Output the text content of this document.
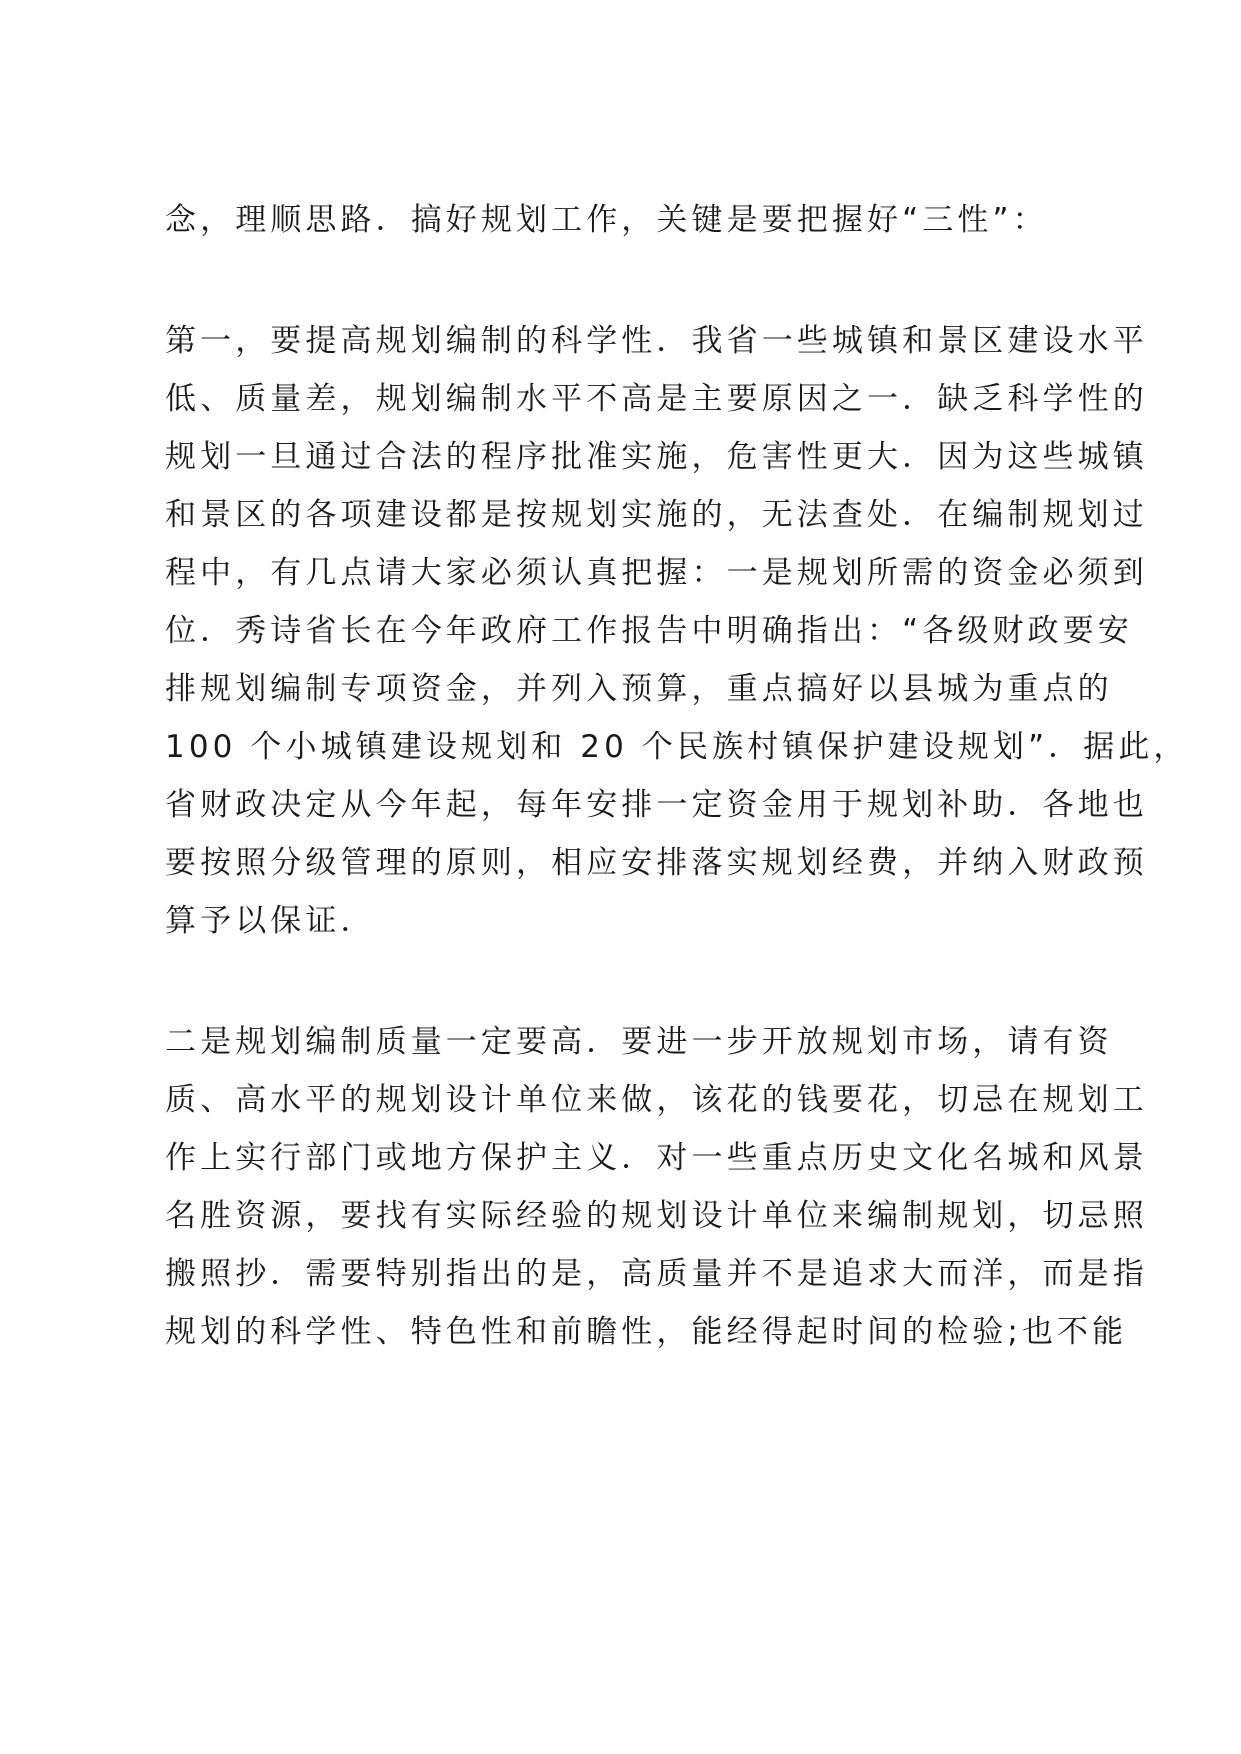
念，理顺思路．搞好规划工作，关键是要把握好“三性”：
第一，要提高规划编制的科学性．我省一些城镇和景区建设水平
低、质量差，规划编制水平不高是主要原因之一．缺乏科学性的
规划一旦通过合法的程序批准实施，危害性更大．因为这些城镇
和景区的各项建设都是按规划实施的，无法查处．在编制规划过
程中，有几点请大家必须认真把握：一是规划所需的资金必须到
位．秀诗省长在今年政府工作报告中明确指出：“各级财政要安
排规划编制专项资金，并列入预算，重点搞好以县城为重点的
100 个小城镇建设规划和 20 个民族村镇保护建设规划”．据此，
省财政决定从今年起，每年安排一定资金用于规划补助．各地也
要按照分级管理的原则，相应安排落实规划经费，并纳入财政预
算予以保证．
二是规划编制质量一定要高．要进一步开放规划市场，请有资
质、高水平的规划设计单位来做，该花的钱要花，切忌在规划工
作上实行部门或地方保护主义．对一些重点历史文化名城和风景
名胜资源，要找有实际经验的规划设计单位来编制规划，切忌照
搬照抄．需要特别指出的是，高质量并不是追求大而洋，而是指
规划的科学性、特色性和前瞻性，能经得起时间的检验;也不能
